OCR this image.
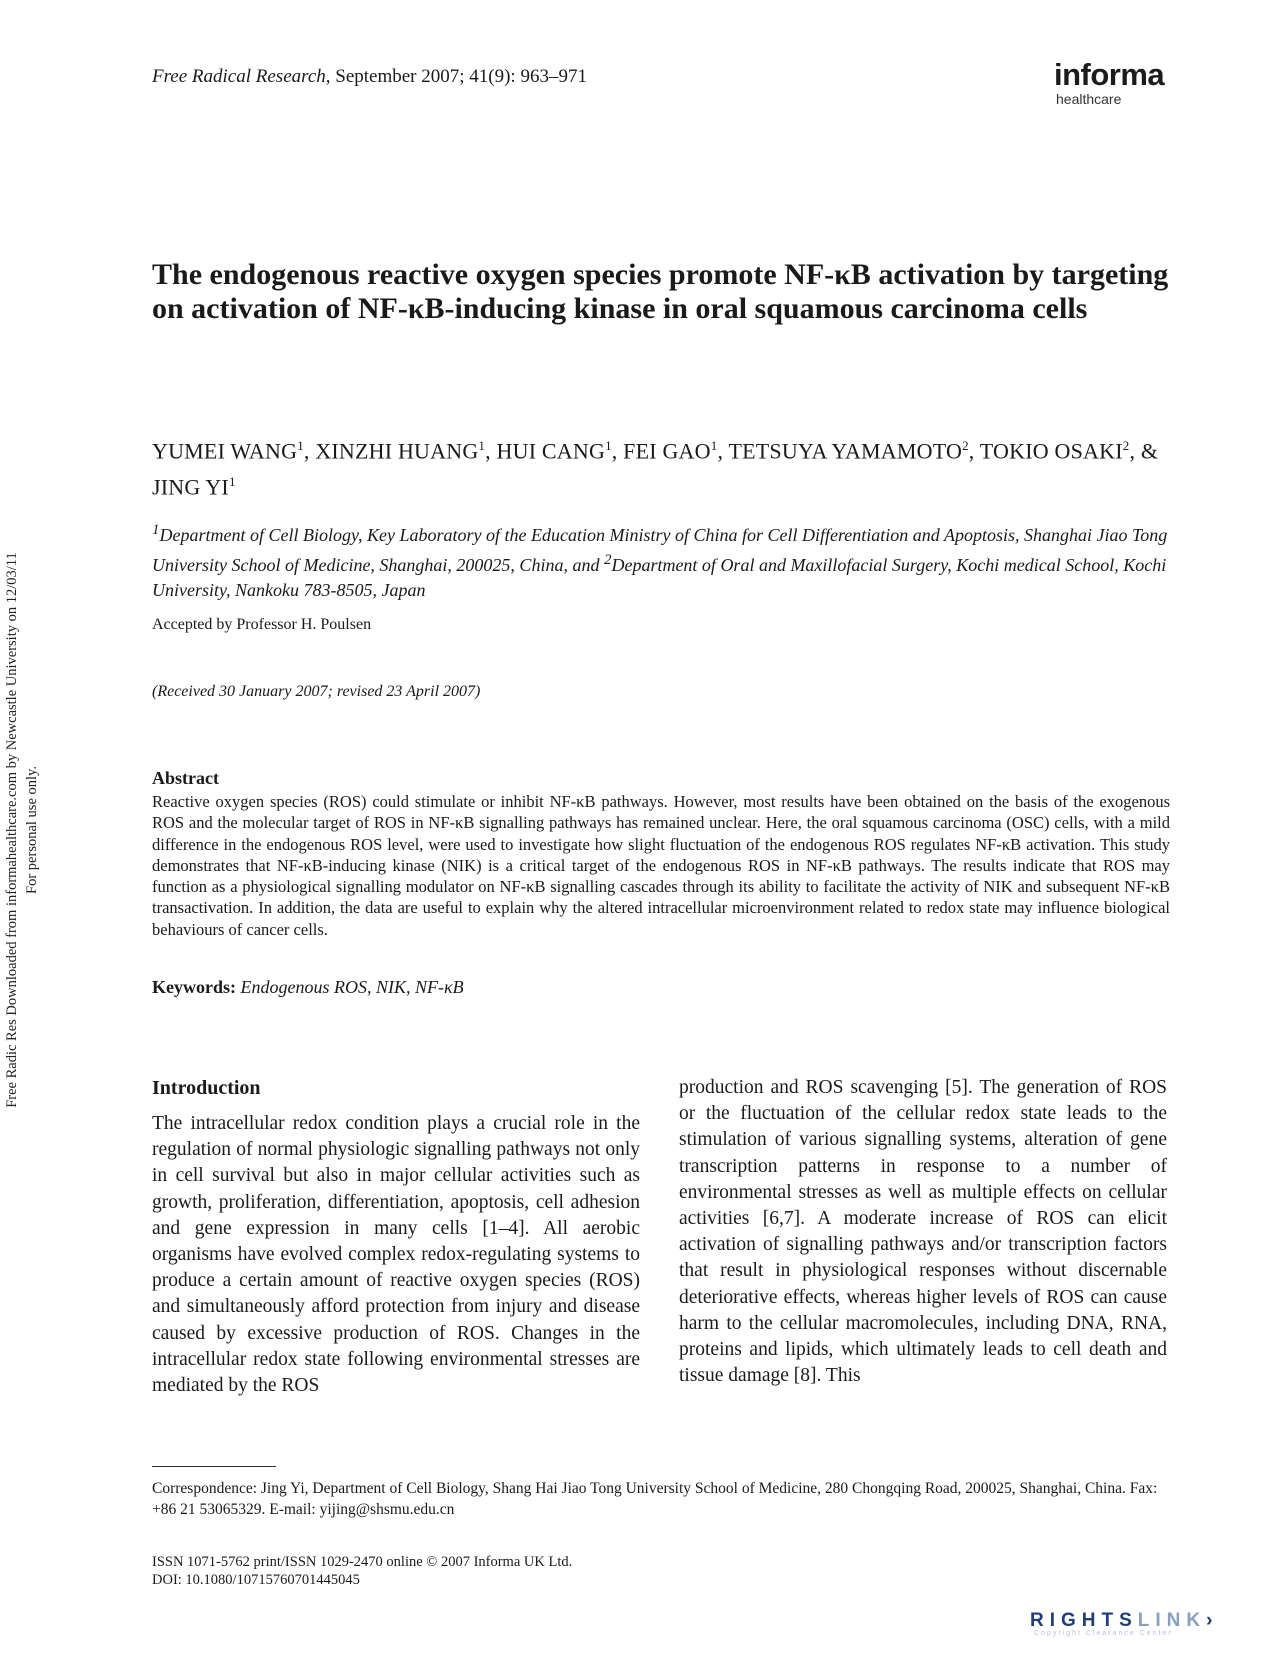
Free Radical Research, September 2007; 41(9): 963–971	informa
healthcare
Free Radic Res Downloaded from informahealthcare.com by Newcastle University on 12/03/11 For personal use only.
The endogenous reactive oxygen species promote NF-κB activation by targeting on activation of NF-κB-inducing kinase in oral squamous carcinoma cells
YUMEI WANG$^1$, XINZHI HUANG$^1$, HUI CANG$^1$, FEI GAO$^1$, TETSUYA YAMAMOTO$^2$, TOKIO OSAKI$^2$, & JING $YI^1$
$^1$Department of Cell Biology, Key Laboratory of the Education Ministry of China for Cell Differentiation and Apoptosis, Shanghai Jiao Tong University School of Medicine, Shanghai, 200025, China, and $^2$Department of Oral and Maxillofacial Surgery, Kochi medical School, Kochi University, Nankoku 783-8505, Japan
Accepted by Professor H. Poulsen
(Received 30 January 2007; revised 23 April 2007)
Abstract
Reactive oxygen species (ROS) could stimulate or inhibit NF-κB pathways. However, most results have been obtained on the basis of the exogenous ROS and the molecular target of ROS in NF-κB signalling pathways has remained unclear. Here, the oral squamous carcinoma (OSC) cells, with a mild difference in the endogenous ROS level, were used to investigate how slight fluctuation of the endogenous ROS regulates NF-κB activation. This study demonstrates that NF-κB-inducing kinase (NIK) is a critical target of the endogenous ROS in NF-κB pathways. The results indicate that ROS may function as a physiological signalling modulator on NF-κB signalling cascades through its ability to facilitate the activity of NIK and subsequent NF-κB transactivation. In addition, the data are useful to explain why the altered intracellular microenvironment related to redox state may influence biological behaviours of cancer cells.
Keywords: Endogenous ROS, NIK, NF-κB
Introduction
The intracellular redox condition plays a crucial role in the regulation of normal physiologic signalling pathways not only in cell survival but also in major cellular activities such as growth, proliferation, differentiation, apoptosis, cell adhesion and gene expression in many cells [1–4]. All aerobic organisms have evolved complex redox-regulating systems to produce a certain amount of reactive oxygen species (ROS) and simultaneously afford protection from injury and disease caused by excessive production of ROS. Changes in the intracellular redox state following environmental stresses are mediated by the ROS
production and ROS scavenging [5]. The generation of ROS or the fluctuation of the cellular redox state leads to the stimulation of various signalling systems, alteration of gene transcription patterns in response to a number of environmental stresses as well as multiple effects on cellular activities [6,7]. A moderate increase of ROS can elicit activation of signalling pathways and/or transcription factors that result in physiological responses without discernable deteriorative effects, whereas higher levels of ROS can cause harm to the cellular macromolecules, including DNA, RNA, proteins and lipids, which ultimately leads to cell death and tissue damage [8]. This
Correspondence: Jing Yi, Department of Cell Biology, Shang Hai Jiao Tong University School of Medicine, 280 Chongqing Road, 200025, Shanghai, China. Fax: +86 21 53065329. E-mail: yijing@shsmu.edu.cn
ISSN 1071-5762 print/ISSN 1029-2470 online © 2007 Informa UK Ltd.
DOI: 10.1080/10715760701445045
RIGHTSLINK›
Copyright Clearance Center
